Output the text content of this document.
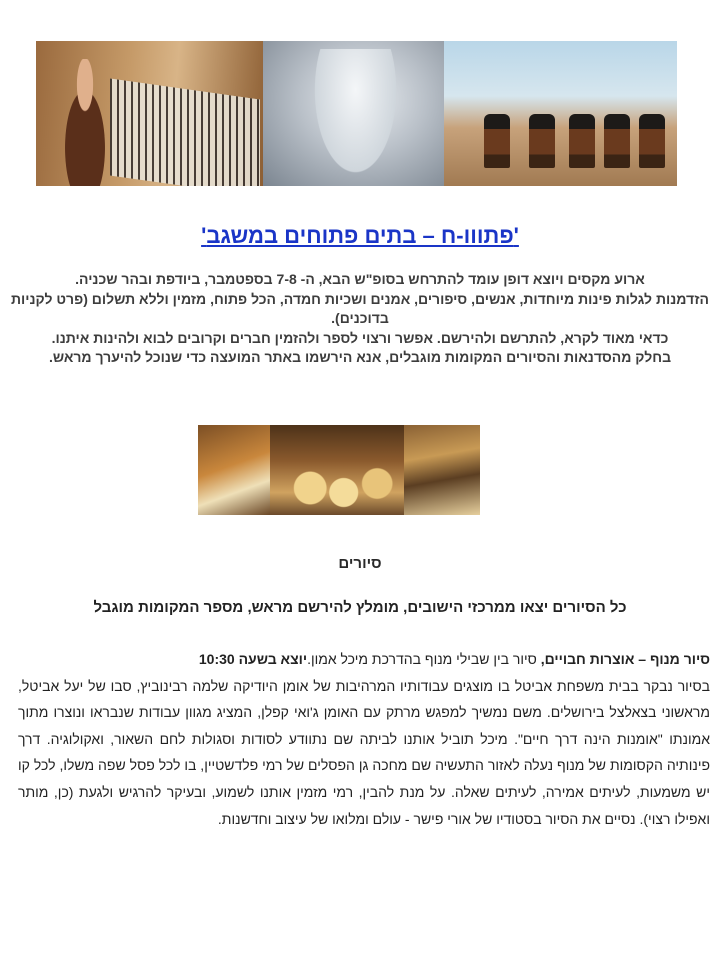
'פתווו-ח – בתים פתוחים במשגב'

ארוע מקסים ויוצא דופן עומד להתרחש בסופ"ש הבא, ה- 7-8 בספטמבר, ביודפת ובהר שכניה.

הזדמנות לגלות פינות מיוחדות, אנשים, סיפורים, אמנים ושכיות חמדה, הכל פתוח, מזמין וללא תשלום (פרט לקניות בדוכנים).

כדאי מאוד לקרא, להתרשם ולהירשם. אפשר ורצוי לספר ולהזמין חברים וקרובים לבוא ולהינות איתנו.

בחלק מהסדנאות והסיורים המקומות מוגבלים, אנא הירשמו באתר המועצה כדי שנוכל להיערך מראש.

סיורים
כל הסיורים יצאו ממרכזי הישובים, מומלץ להירשם מראש, מספר המקומות מוגבל

סיור מנוף – אוצרות חבויים, סיור בין שבילי מנוף בהדרכת מיכל אמון.יוצא בשעה 10:30

בסיור נבקר בבית משפחת אביטל בו מוצגים עבודותיו המרהיבות של אומן היודיקה שלמה רבינוביץ, סבו של יעל אביטל, מראשוני בצאלצל בירושלים. משם נמשיך למפגש מרתק עם האומן ג'ואי קפלן, המציג מגוון עבודות שנבראו ונוצרו מתוך אמונתו "אומנות הינה דרך חיים". מיכל תוביל אותנו לביתה שם נתוודע לסודות וסגולות לחם השאור, ואקולוגיה. דרך פינותיה הקסומות של מנוף נעלה לאזור התעשיה שם מחכה גן הפסלים של רמי פלדשטיין, בו לכל פסל שפה משלו, לכל קו יש משמעות, לעיתים אמירה, לעיתים שאלה. על מנת להבין, רמי מזמין אותנו לשמוע, ובעיקר להרגיש ולגעת (כן, מותר ואפילו רצוי). נסיים את הסיור בסטודיו של אורי פישר - עולם ומלואו של עיצוב וחדשנות.
